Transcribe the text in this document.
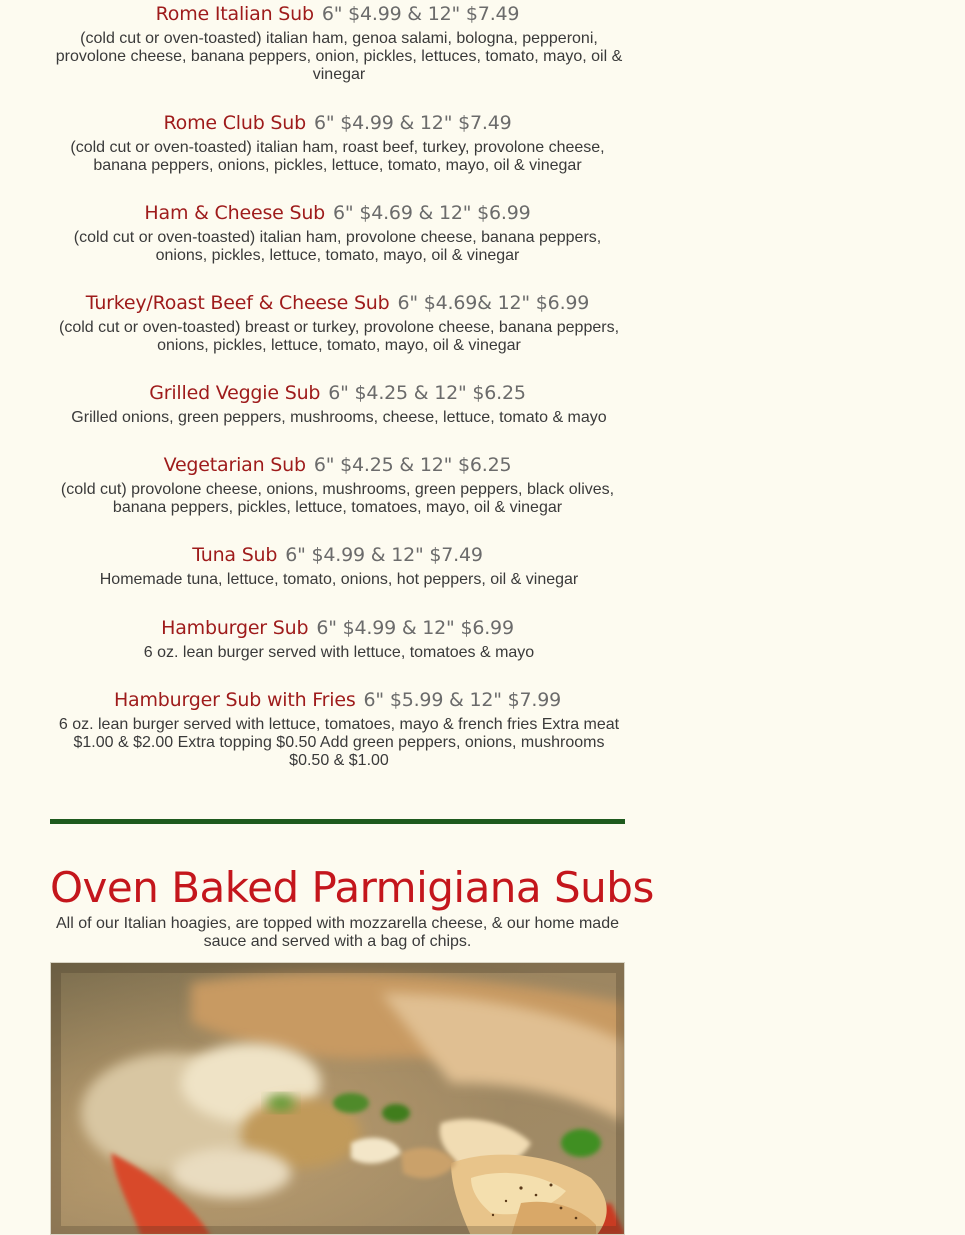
Rome Italian Sub 6" $4.99 & 12" $7.49
(cold cut or oven-toasted) italian ham, genoa salami, bologna, pepperoni, provolone cheese, banana peppers, onion, pickles, lettuces, tomato, mayo, oil & vinegar
Rome Club Sub 6" $4.99 & 12" $7.49
(cold cut or oven-toasted) italian ham, roast beef, turkey, provolone cheese, banana peppers, onions, pickles, lettuce, tomato, mayo, oil & vinegar
Ham & Cheese Sub 6" $4.69 & 12" $6.99
(cold cut or oven-toasted) italian ham, provolone cheese, banana peppers, onions, pickles, lettuce, tomato, mayo, oil & vinegar
Turkey/Roast Beef & Cheese Sub 6" $4.69& 12" $6.99
(cold cut or oven-toasted) breast or turkey, provolone cheese, banana peppers, onions, pickles, lettuce, tomato, mayo, oil & vinegar
Grilled Veggie Sub 6" $4.25 & 12" $6.25
Grilled onions, green peppers, mushrooms, cheese, lettuce, tomato & mayo
Vegetarian Sub 6" $4.25 & 12" $6.25
(cold cut) provolone cheese, onions, mushrooms, green peppers, black olives, banana peppers, pickles, lettuce, tomatoes, mayo, oil & vinegar
Tuna Sub 6" $4.99 & 12" $7.49
Homemade tuna, lettuce, tomato, onions, hot peppers, oil & vinegar
Hamburger Sub 6" $4.99 & 12" $6.99
6 oz. lean burger served with lettuce, tomatoes & mayo
Hamburger Sub with Fries 6" $5.99 & 12" $7.99
6 oz. lean burger served with lettuce, tomatoes, mayo & french fries Extra meat $1.00 & $2.00 Extra topping $0.50 Add green peppers, onions, mushrooms $0.50 & $1.00
Oven Baked Parmigiana Subs
All of our Italian hoagies, are topped with mozzarella cheese, & our home made sauce and served with a bag of chips.
